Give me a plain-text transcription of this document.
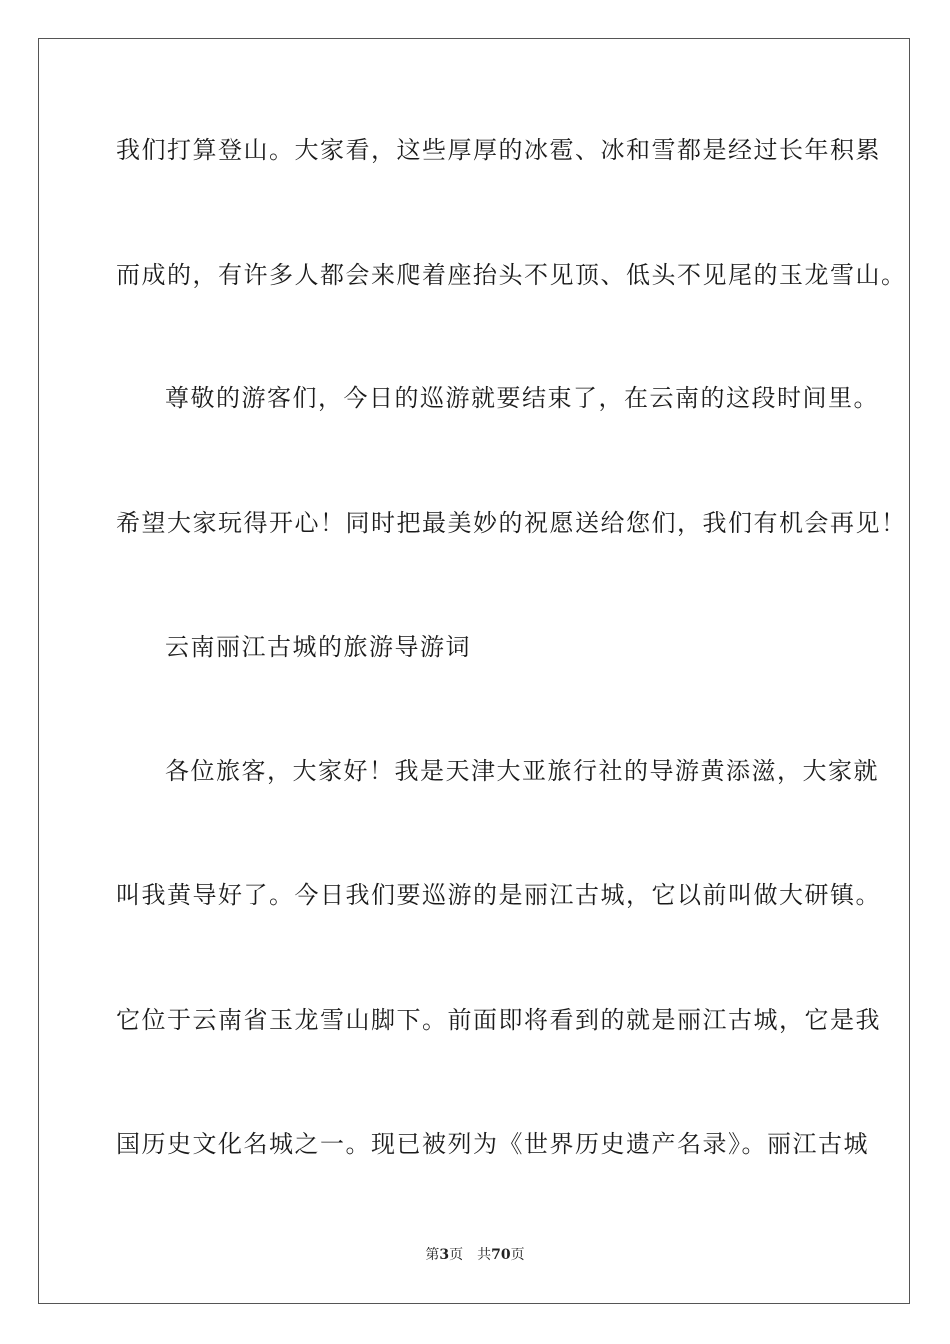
我们打算登山。大家看，这些厚厚的冰雹、冰和雪都是经过长年积累
而成的，有许多人都会来爬着座抬头不见顶、低头不见尾的玉龙雪山。
尊敬的游客们，今日的巡游就要结束了，在云南的这段时间里。
希望大家玩得开心！同时把最美妙的祝愿送给您们，我们有机会再见！
云南丽江古城的旅游导游词
各位旅客，大家好！我是天津大亚旅行社的导游黄添滋，大家就
叫我黄导好了。今日我们要巡游的是丽江古城，它以前叫做大研镇。
它位于云南省玉龙雪山脚下。前面即将看到的就是丽江古城，它是我
国历史文化名城之一。现已被列为《世界历史遗产名录》。丽江古城
第3页 共70页
